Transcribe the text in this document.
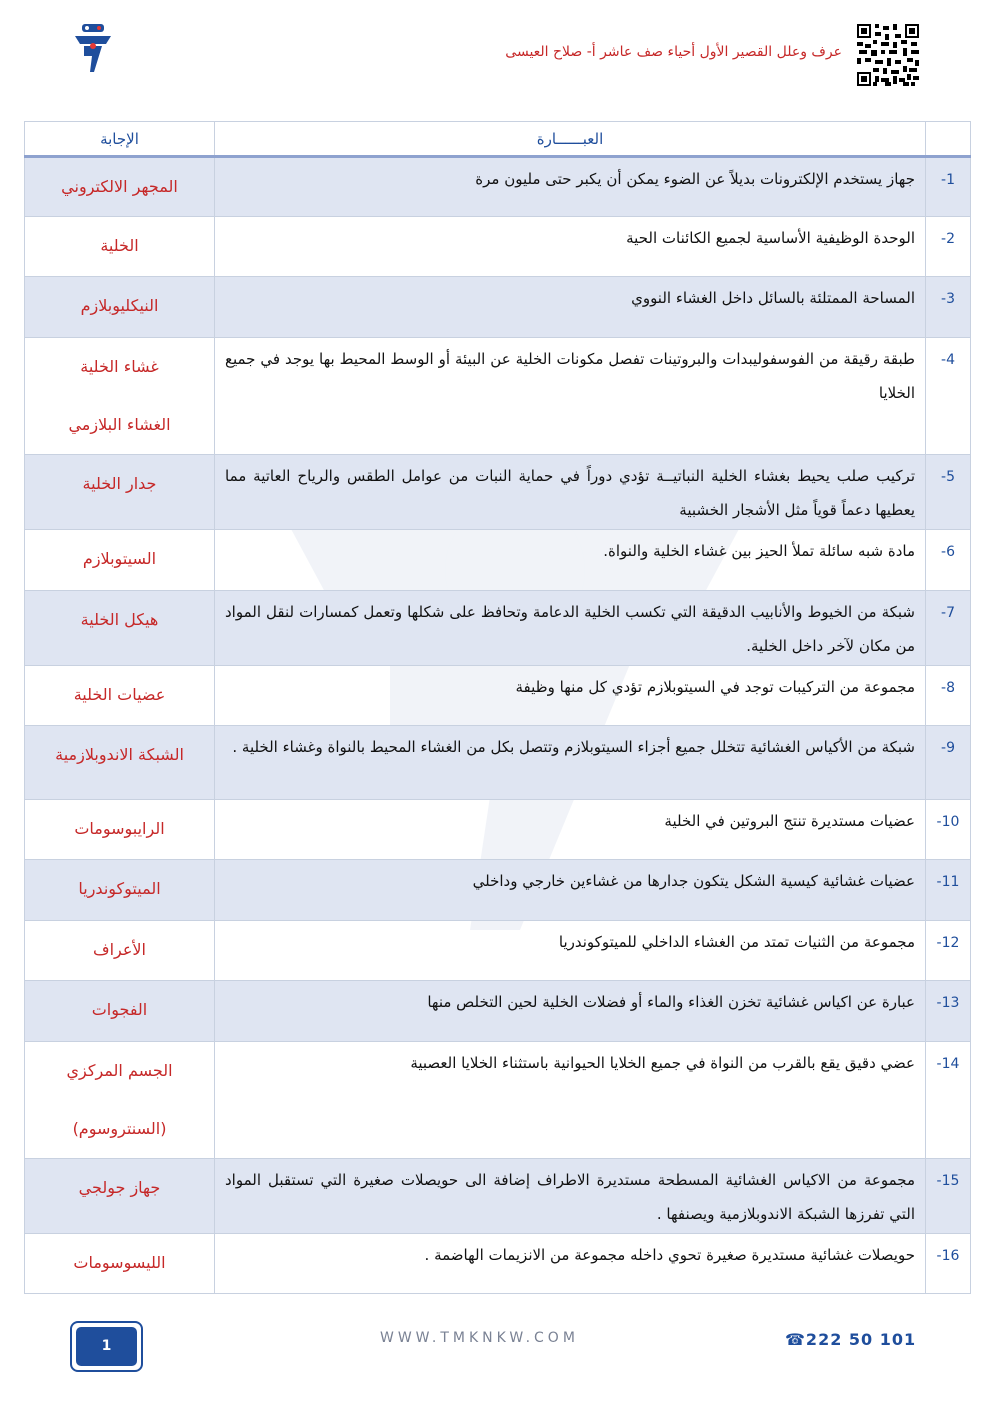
عرف وعلل القصير الأول أحياء صف عاشر أ- صلاح العيسى
	العبــــــارة	الإجابة
1-	جهاز يستخدم الإلكترونات بديلاً عن الضوء يمكن أن يكبر حتى مليون مرة	المجهر الالكتروني
2-	الوحدة الوظيفية الأساسية لجميع الكائنات الحية	الخلية
3-	المساحة الممتلئة بالسائل داخل الغشاء النووي	النيكليوبلازم
4-	طبقة رقيقة من الفوسفوليبدات والبروتينات تفصل مكونات الخلية عن البيئة أو الوسط المحيط بها يوجد في جميع الخلايا	غشاء الخلية
الغشاء البلازمي

5-	تركيب صلب يحيط بغشاء الخلية النباتيــة تؤدي دوراً في حماية النبات من عوامل الطقس والرياح العاتية مما يعطيها دعماً قوياً مثل الأشجار الخشبية	جدار الخلية
6-	مادة شبه سائلة تملأ الحيز بين غشاء الخلية والنواة.	السيتوبلازم
7-	شبكة من الخيوط والأنابيب الدقيقة التي تكسب الخلية الدعامة وتحافظ على شكلها وتعمل كمسارات لنقل المواد من مكان لآخر داخل الخلية.	هيكل الخلية
8-	مجموعة من التركيبات توجد في السيتوبلازم تؤدي كل منها وظيفة	عضيات الخلية
9-	شبكة من الأكياس الغشائية تتخلل جميع أجزاء السيتوبلازم وتتصل بكل من الغشاء المحيط بالنواة وغشاء الخلية .	الشبكة الاندوبلازمية
10-	عضيات مستديرة تنتج البروتين في الخلية	الرايبوسومات
11-	عضيات غشائية كيسية الشكل يتكون جدارها من غشاءين خارجي وداخلي	الميتوكوندريا
12-	مجموعة من الثنيات تمتد من الغشاء الداخلي للميتوكوندريا	الأعراف
13-	عبارة عن اكياس غشائية تخزن الغذاء والماء أو فضلات الخلية لحين التخلص منها	الفجوات
14-	عضي دقيق يقع بالقرب من النواة في جميع الخلايا الحيوانية باستثناء الخلايا العصبية	الجسم المركزي
(السنتروسوم)

15-	مجموعة من الاكياس الغشائية المسطحة مستديرة الاطراف إضافة الى حويصلات صغيرة التي تستقبل المواد التي تفرزها الشبكة الاندوبلازمية ويصنفها .	جهاز جولجي
16-	حويصلات غشائية مستديرة صغيرة تحوي داخله مجموعة من الانزيمات الهاضمة .	الليسوسومات
1	WWW.TMKNKW.COM	☎222 50 101
